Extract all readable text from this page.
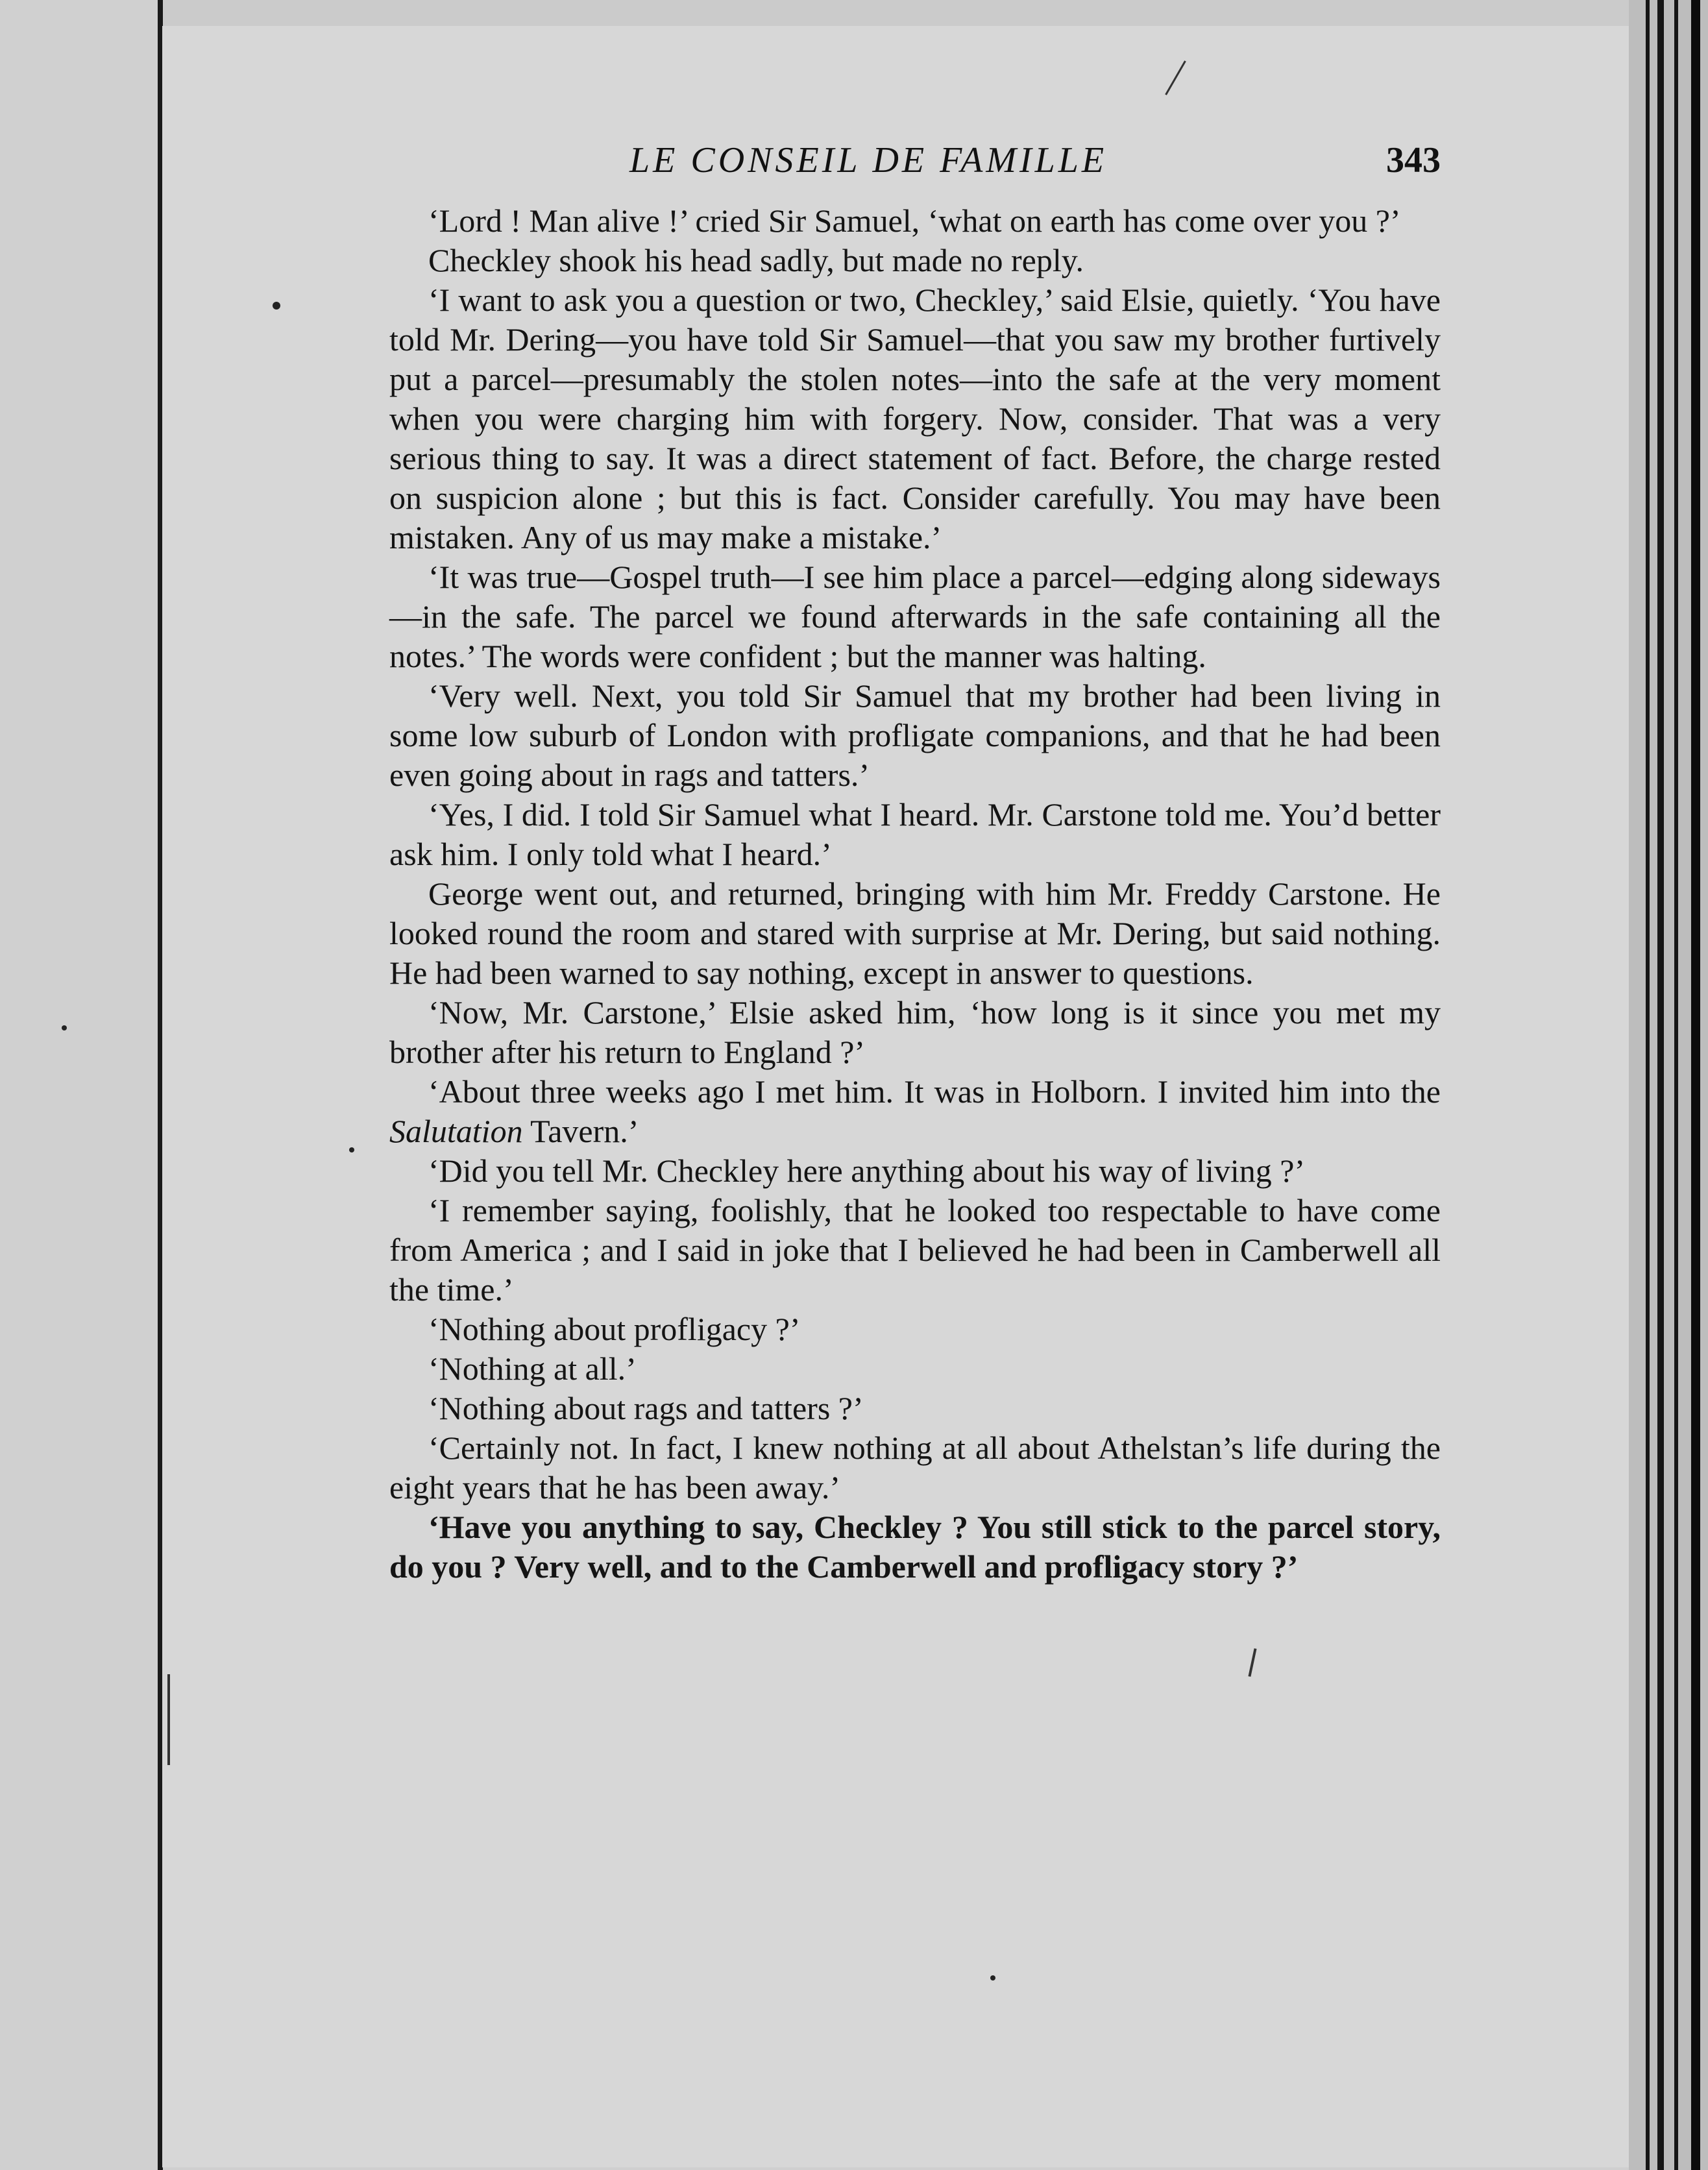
LE CONSEIL DE FAMILLE	343

‘Lord ! Man alive !’ cried Sir Samuel, ‘what on earth has come over you ?’

Checkley shook his head sadly, but made no reply.

‘I want to ask you a question or two, Checkley,’ said Elsie, quietly. ‘You have told Mr. Dering—you have told Sir Samuel—that you saw my brother furtively put a parcel—presumably the stolen notes—into the safe at the very moment when you were charging him with forgery. Now, consider. That was a very serious thing to say. It was a direct statement of fact. Before, the charge rested on suspicion alone ; but this is fact. Consider carefully. You may have been mistaken. Any of us may make a mistake.’

‘It was true—Gospel truth—I see him place a parcel—edging along sideways—in the safe. The parcel we found afterwards in the safe containing all the notes.’ The words were confident ; but the manner was halting.

‘Very well. Next, you told Sir Samuel that my brother had been living in some low suburb of London with profligate companions, and that he had been even going about in rags and tatters.’

‘Yes, I did. I told Sir Samuel what I heard. Mr. Carstone told me. You’d better ask him. I only told what I heard.’

George went out, and returned, bringing with him Mr. Freddy Carstone. He looked round the room and stared with surprise at Mr. Dering, but said nothing. He had been warned to say nothing, except in answer to questions.

‘Now, Mr. Carstone,’ Elsie asked him, ‘how long is it since you met my brother after his return to England ?’

‘About three weeks ago I met him. It was in Holborn. I invited him into the Salutation Tavern.’

‘Did you tell Mr. Checkley here anything about his way of living ?’

‘I remember saying, foolishly, that he looked too respectable to have come from America ; and I said in joke that I believed he had been in Camberwell all the time.’

‘Nothing about profligacy ?’

‘Nothing at all.’

‘Nothing about rags and tatters ?’

‘Certainly not. In fact, I knew nothing at all about Athelstan’s life during the eight years that he has been away.’

‘Have you anything to say, Checkley ? You still stick to the parcel story, do you ? Very well, and to the Camberwell and profligacy story ?’
